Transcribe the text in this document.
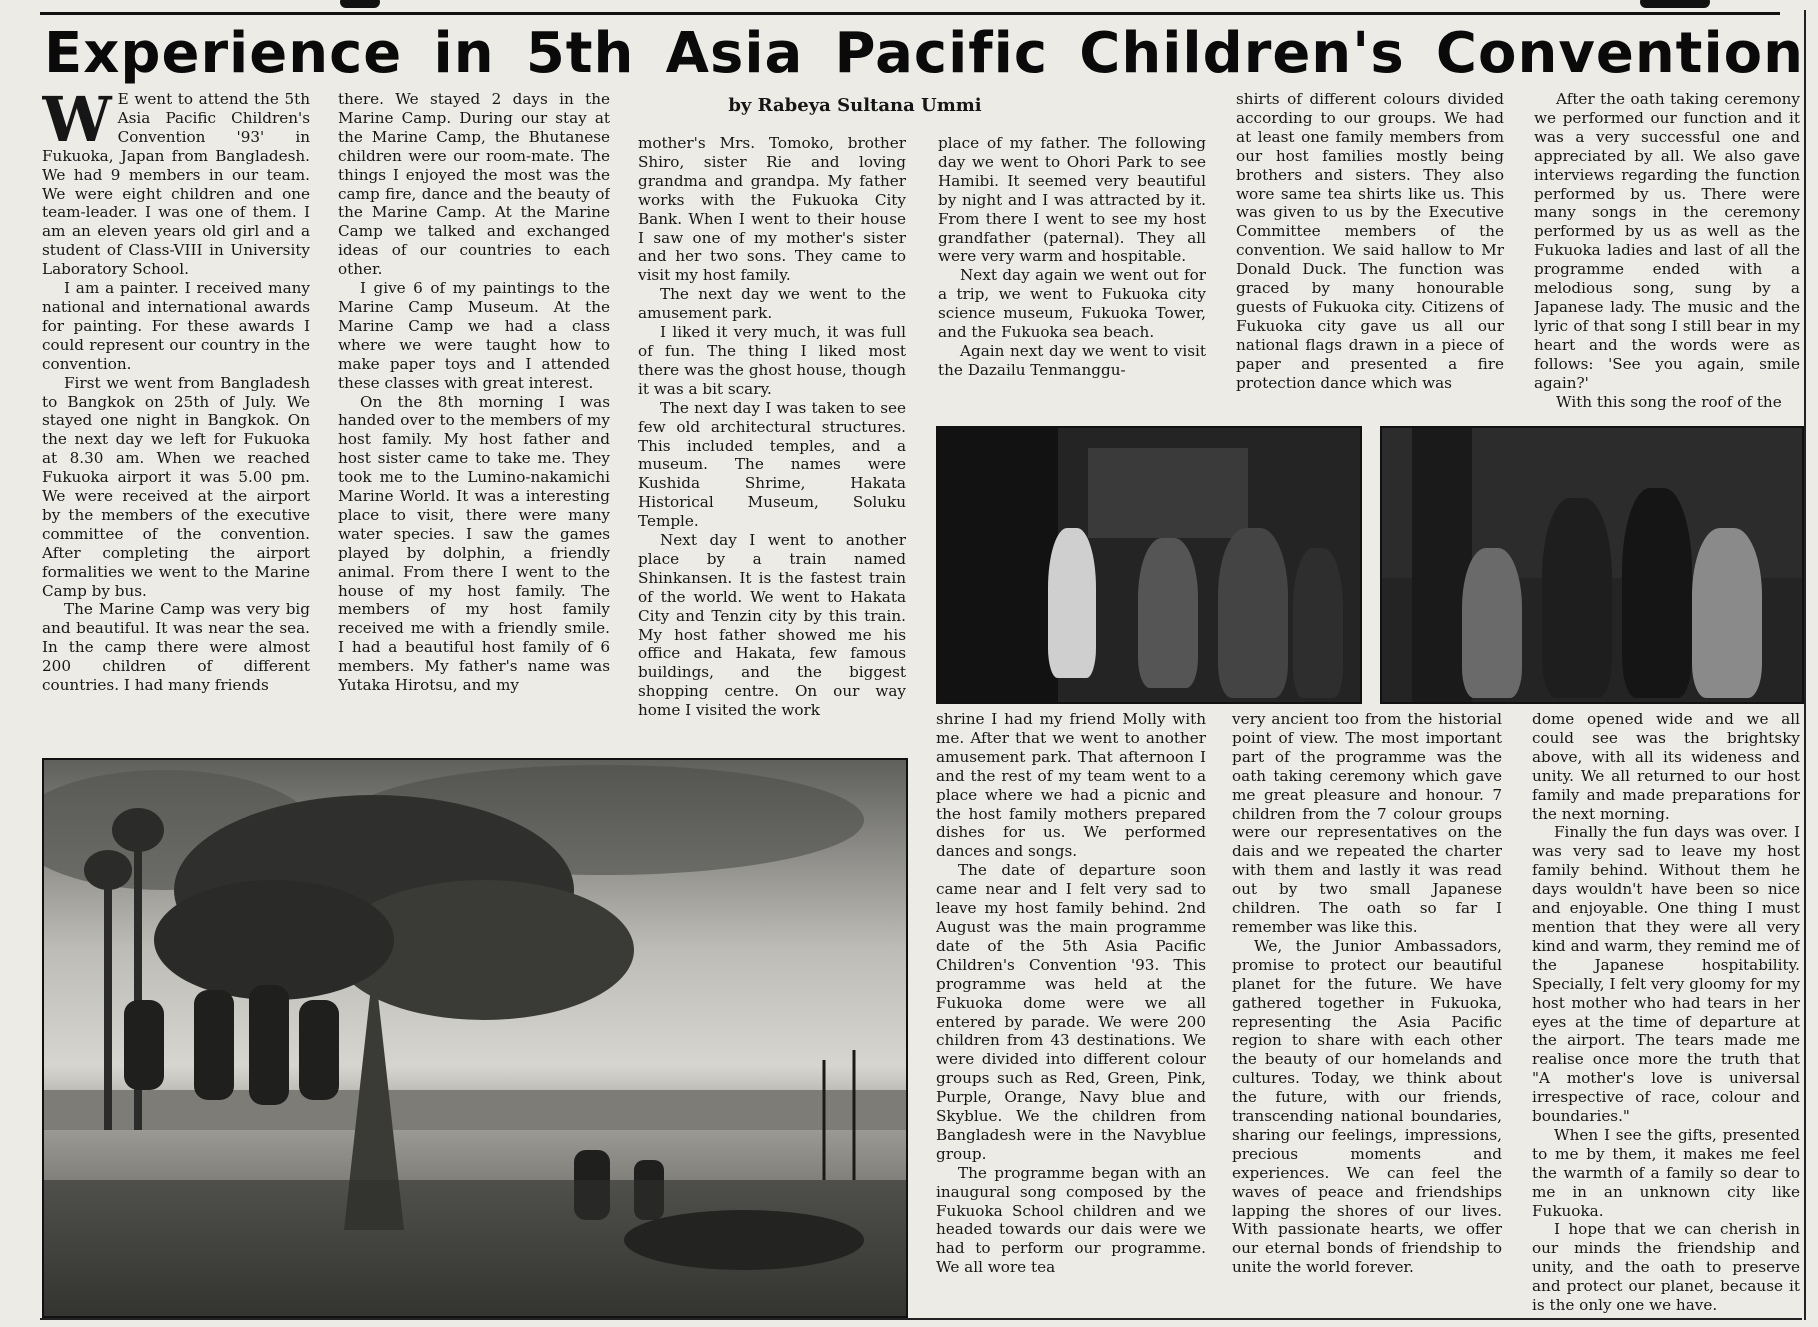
Experience in 5th Asia Pacific Children's Convention
by Rabeya Sultana Ummi

W E went to attend the 5th Asia Pacific Children's Convention '93' in Fukuoka, Japan from Bangladesh. We had 9 members in our team. We were eight children and one team-leader. I was one of them. I am an eleven years old girl and a student of Class-VIII in University Laboratory School.

I am a painter. I received many national and international awards for painting. For these awards I could represent our country in the convention.

First we went from Bangladesh to Bangkok on 25th of July. We stayed one night in Bangkok. On the next day we left for Fukuoka at 8.30 am. When we reached Fukuoka airport it was 5.00 pm. We were received at the airport by the members of the executive committee of the convention. After completing the airport formalities we went to the Marine Camp by bus.

The Marine Camp was very big and beautiful. It was near the sea. In the camp there were almost 200 children of different countries. I had many friends

there. We stayed 2 days in the Marine Camp. During our stay at the Marine Camp, the Bhutanese children were our room-mate. The things I enjoyed the most was the camp fire, dance and the beauty of the Marine Camp. At the Marine Camp we talked and exchanged ideas of our countries to each other.

I give 6 of my paintings to the Marine Camp Museum. At the Marine Camp we had a class where we were taught how to make paper toys and I attended these classes with great interest.

On the 8th morning I was handed over to the members of my host family. My host father and host sister came to take me. They took me to the Lumino-nakamichi Marine World. It was a interesting place to visit, there were many water species. I saw the games played by dolphin, a friendly animal. From there I went to the house of my host family. The members of my host family received me with a friendly smile. I had a beautiful host family of 6 members. My father's name was Yutaka Hirotsu, and my

mother's Mrs. Tomoko, brother Shiro, sister Rie and loving grandma and grandpa. My father works with the Fukuoka City Bank. When I went to their house I saw one of my mother's sister and her two sons. They came to visit my host family.

The next day we went to the amusement park.

I liked it very much, it was full of fun. The thing I liked most there was the ghost house, though it was a bit scary.

The next day I was taken to see few old architectural structures. This included temples, and a museum. The names were Kushida Shrime, Hakata Historical Museum, Soluku Temple.

Next day I went to another place by a train named Shinkansen. It is the fastest train of the world. We went to Hakata City and Tenzin city by this train. My host father showed me his office and Hakata, few famous buildings, and the biggest shopping centre. On our way home I visited the work

place of my father. The following day we went to Ohori Park to see Hamibi. It seemed very beautiful by night and I was attracted by it. From there I went to see my host grandfather (paternal). They all were very warm and hospitable.

Next day again we went out for a trip, we went to Fukuoka city science museum, Fukuoka Tower, and the Fukuoka sea beach.

Again next day we went to visit the Dazailu Tenmanggu-

shirts of different colours divided according to our groups. We had at least one family members from our host families mostly being brothers and sisters. They also wore same tea shirts like us. This was given to us by the Executive Committee members of the convention. We said hallow to Mr Donald Duck. The function was graced by many honourable guests of Fukuoka city. Citizens of Fukuoka city gave us all our national flags drawn in a piece of paper and presented a fire protection dance which was

After the oath taking ceremony we performed our function and it was a very successful one and appreciated by all. We also gave interviews regarding the function performed by us. There were many songs in the ceremony performed by us as well as the Fukuoka ladies and last of all the programme ended with a melodious song, sung by a Japanese lady. The music and the lyric of that song I still bear in my heart and the words were as follows: 'See you again, smile again?'

With this song the roof of the

shrine I had my friend Molly with me. After that we went to another amusement park. That afternoon I and the rest of my team went to a place where we had a picnic and the host family mothers prepared dishes for us. We performed dances and songs.

The date of departure soon came near and I felt very sad to leave my host family behind. 2nd August was the main programme date of the 5th Asia Pacific Children's Convention '93. This programme was held at the Fukuoka dome were we all entered by parade. We were 200 children from 43 destinations. We were divided into different colour groups such as Red, Green, Pink, Purple, Orange, Navy blue and Skyblue. We the children from Bangladesh were in the Navyblue group.

The programme began with an inaugural song composed by the Fukuoka School children and we headed towards our dais were we had to perform our programme. We all wore tea

very ancient too from the historial point of view. The most important part of the programme was the oath taking ceremony which gave me great pleasure and honour. 7 children from the 7 colour groups were our representatives on the dais and we repeated the charter with them and lastly it was read out by two small Japanese children. The oath so far I remember was like this.

We, the Junior Ambassadors, promise to protect our beautiful planet for the future. We have gathered together in Fukuoka, representing the Asia Pacific region to share with each other the beauty of our homelands and cultures. Today, we think about the future, with our friends, transcending national boundaries, sharing our feelings, impressions, precious moments and experiences. We can feel the waves of peace and friendships lapping the shores of our lives. With passionate hearts, we offer our eternal bonds of friendship to unite the world forever.

dome opened wide and we all could see was the brightsky above, with all its wideness and unity. We all returned to our host family and made preparations for the next morning.

Finally the fun days was over. I was very sad to leave my host family behind. Without them he days wouldn't have been so nice and enjoyable. One thing I must mention that they were all very kind and warm, they remind me of the Japanese hospitability. Specially, I felt very gloomy for my host mother who had tears in her eyes at the time of departure at the airport. The tears made me realise once more the truth that "A mother's love is universal irrespective of race, colour and boundaries."

When I see the gifts, presented to me by them, it makes me feel the warmth of a family so dear to me in an unknown city like Fukuoka.

I hope that we can cherish in our minds the friendship and unity, and the oath to preserve and protect our planet, because it is the only one we have.
